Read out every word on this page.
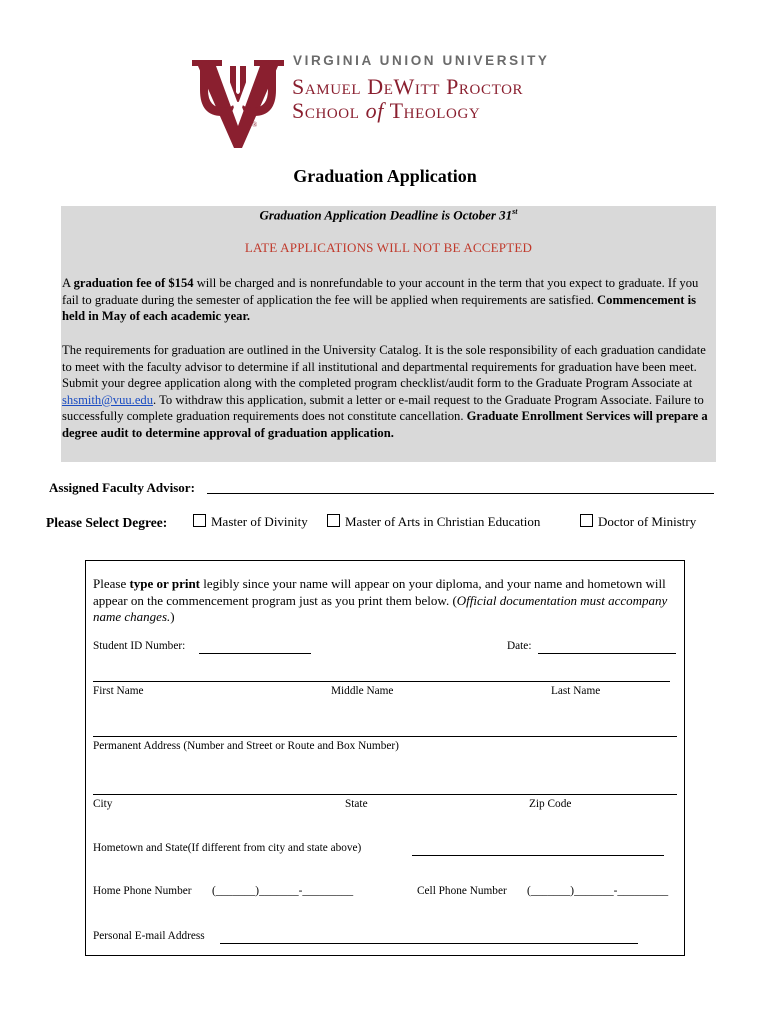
®
VIRGINIA UNION UNIVERSITY
Samuel DeWitt Proctor
School of Theology
Graduation Application
Graduation Application Deadline is October 31st
LATE APPLICATIONS WILL NOT BE ACCEPTED
A graduation fee of $154 will be charged and is nonrefundable to your account in the term that you expect to graduate. If you fail to graduate during the semester of application the fee will be applied when requirements are satisfied. Commencement is held in May of each academic year.
The requirements for graduation are outlined in the University Catalog. It is the sole responsibility of each graduation candidate to meet with the faculty advisor to determine if all institutional and departmental requirements for graduation have been meet. Submit your degree application along with the completed program checklist/audit form to the Graduate Program Associate at shsmith@vuu.edu. To withdraw this application, submit a letter or e-mail request to the Graduate Program Associate. Failure to successfully complete graduation requirements does not constitute cancellation. Graduate Enrollment Services will prepare a degree audit to determine approval of graduation application.
Assigned Faculty Advisor:
Please Select Degree:	Master of Divinity	Master of Arts in Christian Education	Doctor of Ministry
Please type or print legibly since your name will appear on your diploma, and your name and hometown will appear on the commencement program just as you print them below. (Official documentation must accompany name changes.)
Student ID Number:	Date:
First Name	Middle Name	Last Name
Permanent Address (Number and Street or Route and Box Number)
City	State	Zip Code
Hometown and State(If different from city and state above)
Home Phone Number (_______)_______-_________	Cell Phone Number (_______)_______-_________
Personal E-mail Address
